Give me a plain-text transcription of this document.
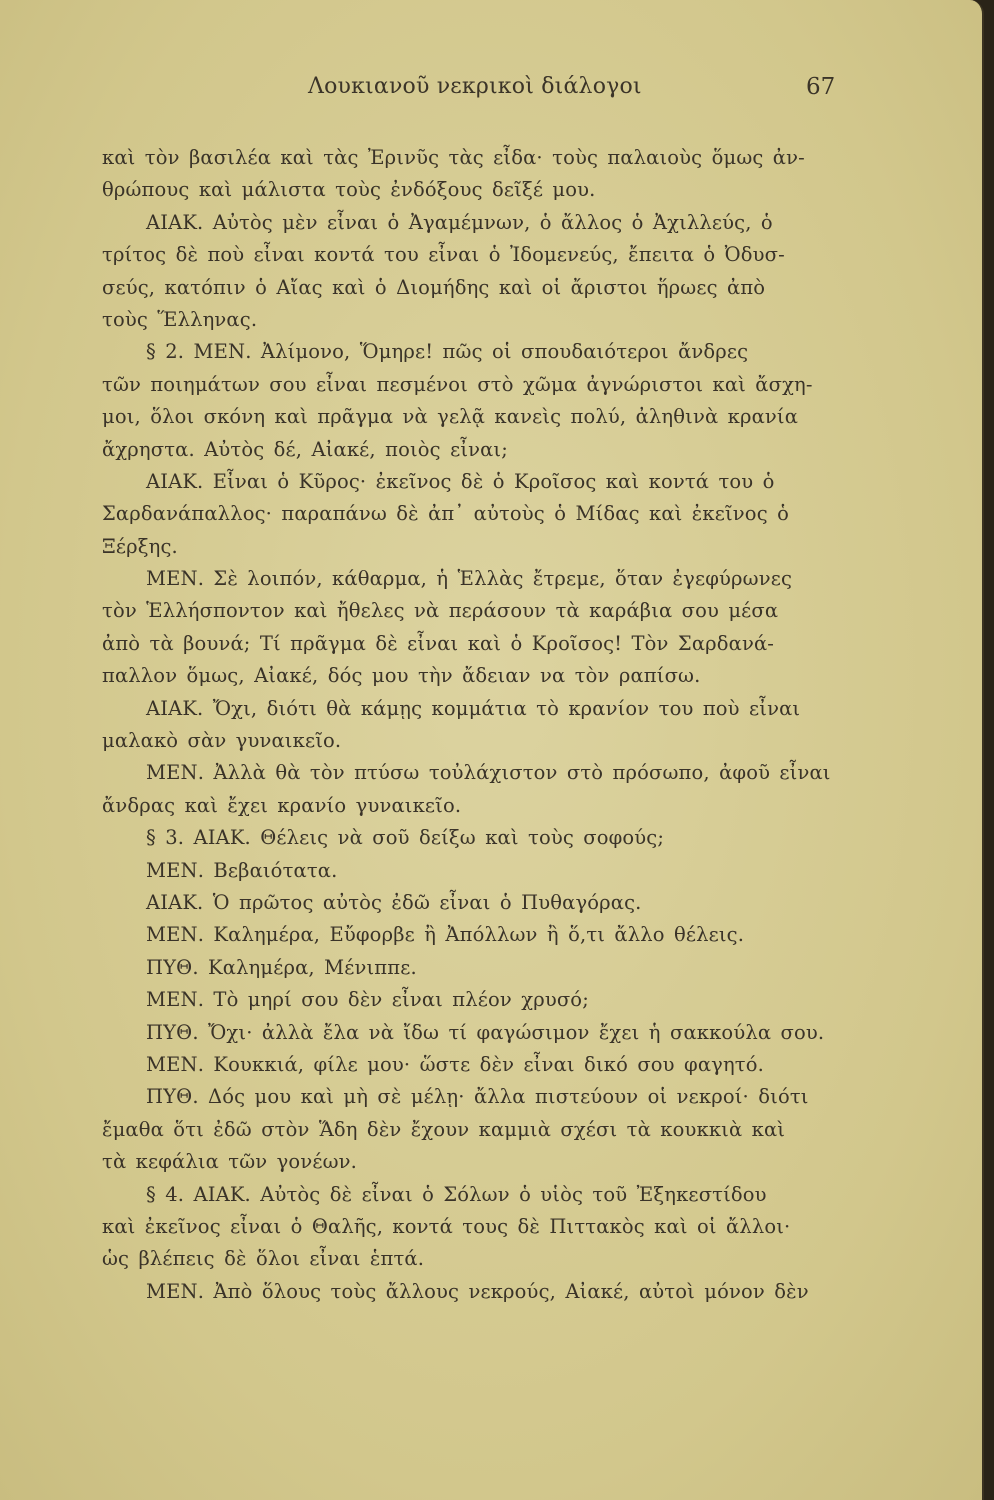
Λουκιανοῦ νεκρικοὶ διάλογοι	67
καὶ τὸν βασιλέα καὶ τὰς Ἐρινῦς τὰς εἶδα· τοὺς παλαιοὺς ὅμως ἀν-
θρώπους καὶ μάλιστα τοὺς ἐνδόξους δεῖξέ μου.
ΑΙΑΚ. Αὐτὸς μὲν εἶναι ὁ Ἀγαμέμνων, ὁ ἄλλος ὁ Ἀχιλλεύς, ὁ
τρίτος δὲ ποὺ εἶναι κοντά του εἶναι ὁ Ἰδομενεύς, ἔπειτα ὁ Ὀδυσ-
σεύς, κατόπιν ὁ Αἴας καὶ ὁ Διομήδης καὶ οἱ ἄριστοι ἥρωες ἀπὸ
τοὺς Ἕλληνας.
§ 2. ΜΕΝ. Ἀλίμονο, Ὅμηρε! πῶς οἱ σπουδαιότεροι ἄνδρες
τῶν ποιημάτων σου εἶναι πεσμένοι στὸ χῶμα ἀγνώριστοι καὶ ἄσχη-
μοι, ὅλοι σκόνη καὶ πρᾶγμα νὰ γελᾷ κανεὶς πολύ, ἀληθινὰ κρανία
ἄχρηστα. Αὐτὸς δέ, Αἰακέ, ποιὸς εἶναι;
ΑΙΑΚ. Εἶναι ὁ Κῦρος· ἐκεῖνος δὲ ὁ Κροῖσος καὶ κοντά του ὁ
Σαρδανάπαλλος· παραπάνω δὲ ἀπ᾽ αὐτοὺς ὁ Μίδας καὶ ἐκεῖνος ὁ
Ξέρξης.
ΜΕΝ. Σὲ λοιπόν, κάθαρμα, ἡ Ἑλλὰς ἔτρεμε, ὅταν ἐγεφύρωνες
τὸν Ἑλλήσποντον καὶ ἤθελες νὰ περάσουν τὰ καράβια σου μέσα
ἀπὸ τὰ βουνά; Τί πρᾶγμα δὲ εἶναι καὶ ὁ Κροῖσος! Τὸν Σαρδανά-
παλλον ὅμως, Αἰακέ, δός μου τὴν ἄδειαν να τὸν ραπίσω.
ΑΙΑΚ. Ὄχι, διότι θὰ κάμῃς κομμάτια τὸ κρανίον του ποὺ εἶναι
μαλακὸ σὰν γυναικεῖο.
ΜΕΝ. Ἀλλὰ θὰ τὸν πτύσω τοὐλάχιστον στὸ πρόσωπο, ἀφοῦ εἶναι
ἄνδρας καὶ ἔχει κρανίο γυναικεῖο.
§ 3. ΑΙΑΚ. Θέλεις νὰ σοῦ δείξω καὶ τοὺς σοφούς;
ΜΕΝ. Βεβαιότατα.
ΑΙΑΚ. Ὁ πρῶτος αὐτὸς ἐδῶ εἶναι ὁ Πυθαγόρας.
ΜΕΝ. Καλημέρα, Εὔφορβε ἢ Ἀπόλλων ἢ ὅ,τι ἄλλο θέλεις.
ΠΥΘ. Καλημέρα, Μένιππε.
ΜΕΝ. Τὸ μηρί σου δὲν εἶναι πλέον χρυσό;
ΠΥΘ. Ὄχι· ἀλλὰ ἔλα νὰ ἴδω τί φαγώσιμον ἔχει ἡ σακκούλα σου.
ΜΕΝ. Κουκκιά, φίλε μου· ὥστε δὲν εἶναι δικό σου φαγητό.
ΠΥΘ. Δός μου καὶ μὴ σὲ μέλῃ· ἄλλα πιστεύουν οἱ νεκροί· διότι
ἔμαθα ὅτι ἐδῶ στὸν Ἅδη δὲν ἔχουν καμμιὰ σχέσι τὰ κουκκιὰ καὶ
τὰ κεφάλια τῶν γονέων.
§ 4. ΑΙΑΚ. Αὐτὸς δὲ εἶναι ὁ Σόλων ὁ υἱὸς τοῦ Ἐξηκεστίδου
καὶ ἐκεῖνος εἶναι ὁ Θαλῆς, κοντά τους δὲ Πιττακὸς καὶ οἱ ἄλλοι·
ὡς βλέπεις δὲ ὅλοι εἶναι ἑπτά.
ΜΕΝ. Ἀπὸ ὅλους τοὺς ἄλλους νεκρούς, Αἰακέ, αὐτοὶ μόνον δὲν
